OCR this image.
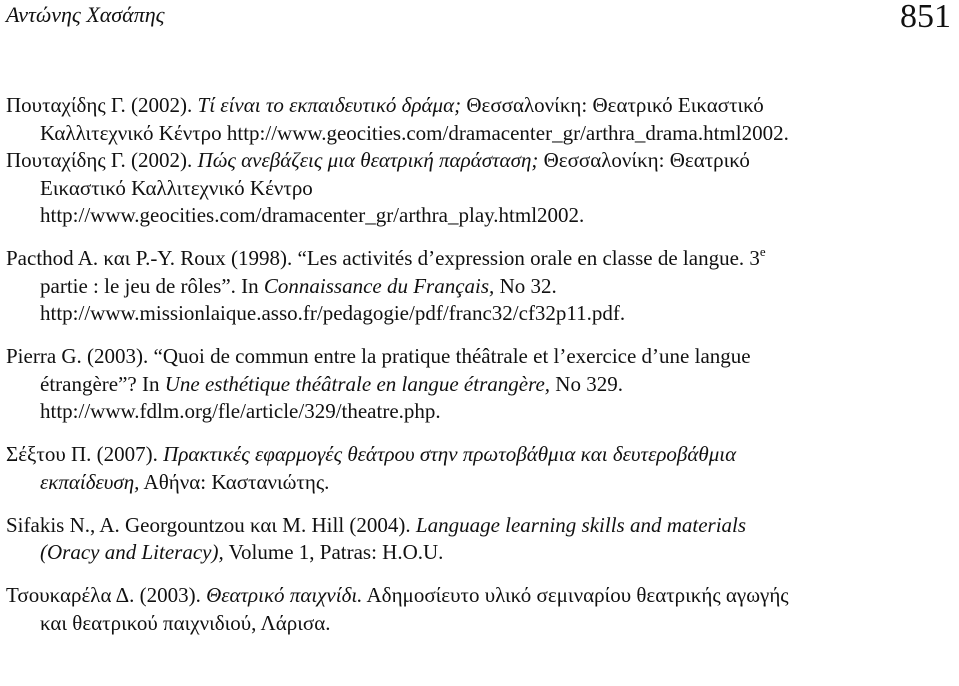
Αντώνης Χασάπης	851
Πουταχίδης Γ. (2002). Τί είναι το εκπαιδευτικό δράμα; Θεσσαλονίκη: Θεατρικό Εικαστικό
Καλλιτεχνικό Κέντρο http://www.geocities.com/dramacenter_gr/arthra_drama.html2002.
Πουταχίδης Γ. (2002). Πώς ανεβάζεις μια θεατρική παράσταση; Θεσσαλονίκη: Θεατρικό
Εικαστικό Καλλιτεχνικό Κέντρο
http://www.geocities.com/dramacenter_gr/arthra_play.html2002.
Pacthod A. και P.-Y. Roux (1998). “Les activités d’expression orale en classe de langue. 3e
partie : le jeu de rôles”. In Connaissance du Français, No 32.
http://www.missionlaique.asso.fr/pedagogie/pdf/franc32/cf32p11.pdf.
Pierra G. (2003). “Quoi de commun entre la pratique théâtrale et l’exercice d’une langue
étrangère”? In Une esthétique théâtrale en langue étrangère, No 329.
http://www.fdlm.org/fle/article/329/theatre.php.
Σέξτου Π. (2007). Πρακτικές εφαρμογές θεάτρου στην πρωτοβάθμια και δευτεροβάθμια
εκπαίδευση, Αθήνα: Καστανιώτης.
Sifakis N., A. Georgountzou και M. Hill (2004). Language learning skills and materials
(Oracy and Literacy), Volume 1, Patras: H.O.U.
Τσουκαρέλα Δ. (2003). Θεατρικό παιχνίδι. Αδημοσίευτο υλικό σεμιναρίου θεατρικής αγωγής
και θεατρικού παιχνιδιού, Λάρισα.
